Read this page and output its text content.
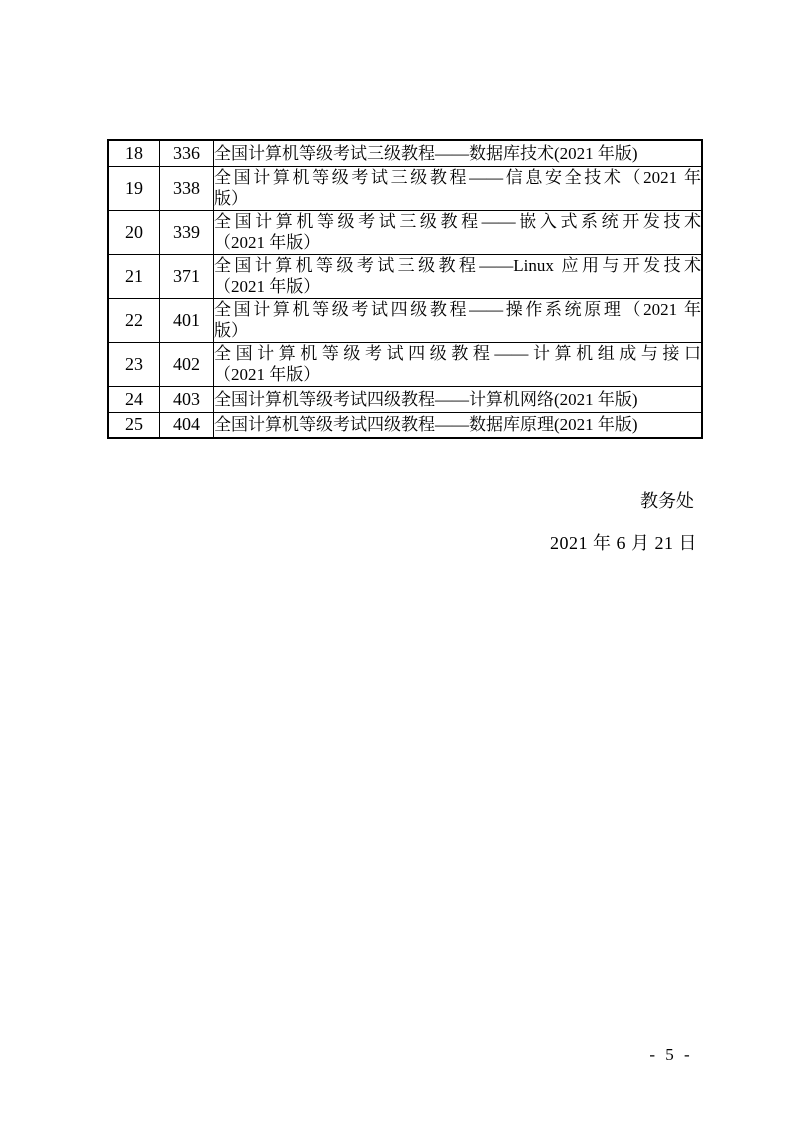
18	336	全国计算机等级考试三级教程——数据库技术(2021 年版)

19	338	全国计算机等级考试三级教程——信息安全技术（2021 年
版）

20	339	全国计算机等级考试三级教程——嵌入式系统开发技术
（2021 年版）

21	371	全国计算机等级考试三级教程——Linux 应用与开发技术
（2021 年版）

22	401	全国计算机等级考试四级教程——操作系统原理（2021 年
版）

23	402	全国计算机等级考试四级教程——计算机组成与接口
（2021 年版）

24	403	全国计算机等级考试四级教程——计算机网络(2021 年版)

25	404	全国计算机等级考试四级教程——数据库原理(2021 年版)
教务处
2021 年 6 月 21 日
- 5 -
